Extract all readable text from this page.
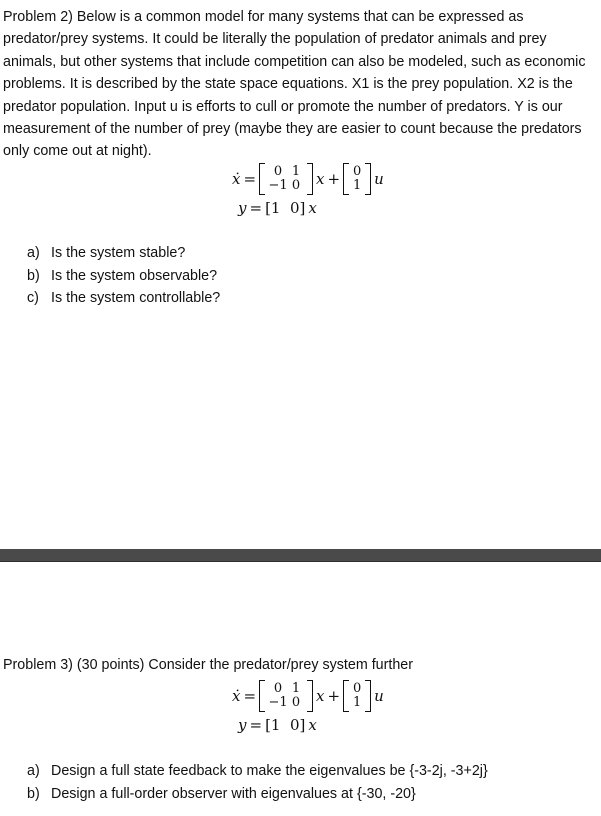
Problem 2) Below is a common model for many systems that can be expressed as
predator/prey systems. It could be literally the population of predator animals and prey
animals, but other systems that include competition can also be modeled, such as economic
problems. It is described by the state space equations. X1 is the prey population. X2 is the
predator population. Input u is efforts to cull or promote the number of predators. Y is our
measurement of the number of prey (maybe they are easier to count because the predators
only come out at night).
ẋ =	0 1
−1 0 x + 0
1 u
y = [1  0] x
a) Is the system stable?
b) Is the system observable?
c) Is the system controllable?
Problem 3) (30 points) Consider the predator/prey system further
ẋ =	0 1
−1 0 x + 0
1 u
y = [1  0] x
a) Design a full state feedback to make the eigenvalues be {-3-2j, -3+2j}
b) Design a full-order observer with eigenvalues at {-30, -20}
